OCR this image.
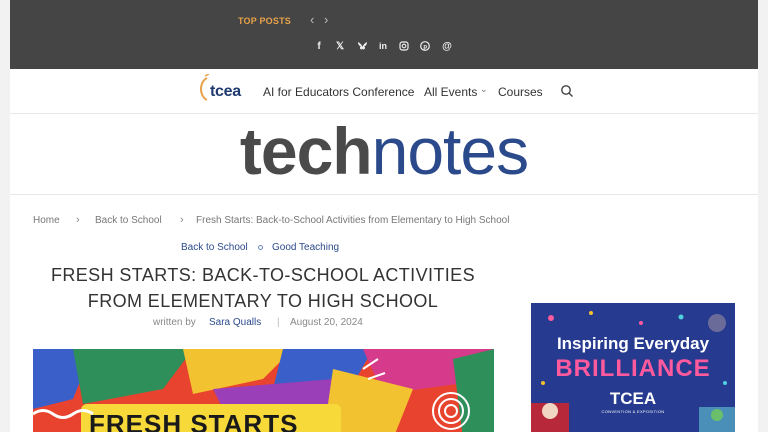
TOP POSTS ‹ ›
f	𝕏	in	p @
tcea AI for Educators Conference All Events ⌄ Courses
technotes
Home › Back to School › Fresh Starts: Back-to-School Activities from Elementary to High School
Back to School Good Teaching
FRESH STARTS: BACK-TO-SCHOOL ACTIVITIES
FROM ELEMENTARY TO HIGH SCHOOL
written by Sara Qualls | August 20, 2024
FRESH STARTS
Inspiring Everyday
BRILLIANCE
TCEA
CONVENTION & EXPOSITION
